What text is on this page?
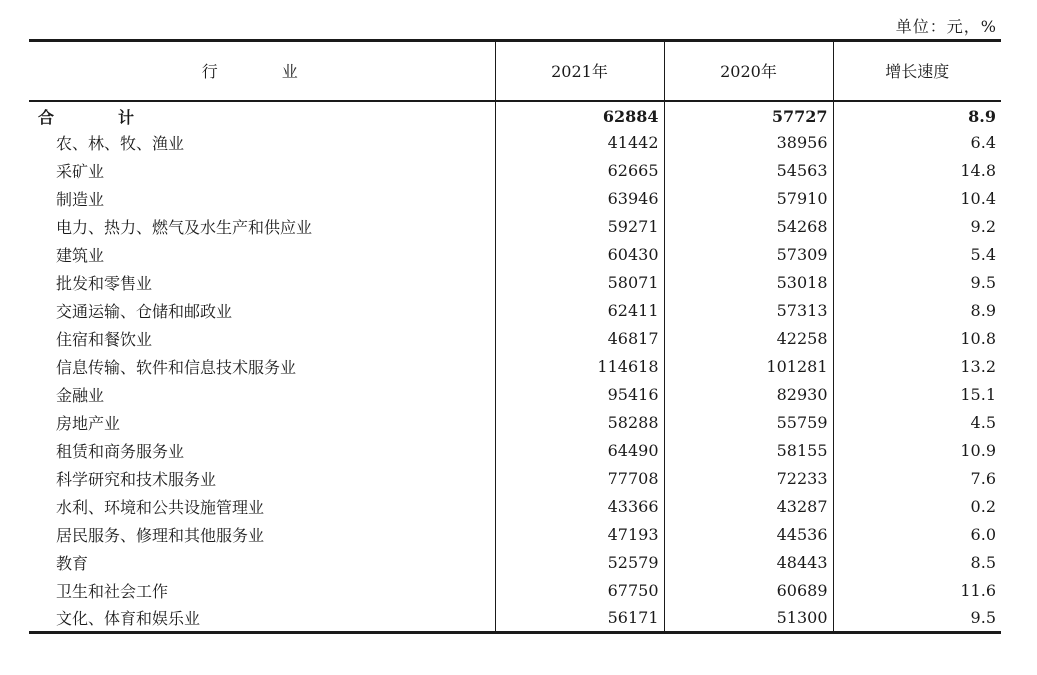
单位：元，%
行　业	2021年	2020年	增长速度
合　计	62884	57727	8.9
农、林、牧、渔业	41442	38956	6.4
采矿业	62665	54563	14.8
制造业	63946	57910	10.4
电力、热力、燃气及水生产和供应业	59271	54268	9.2
建筑业	60430	57309	5.4
批发和零售业	58071	53018	9.5
交通运输、仓储和邮政业	62411	57313	8.9
住宿和餐饮业	46817	42258	10.8
信息传输、软件和信息技术服务业	114618	101281	13.2
金融业	95416	82930	15.1
房地产业	58288	55759	4.5
租赁和商务服务业	64490	58155	10.9
科学研究和技术服务业	77708	72233	7.6
水利、环境和公共设施管理业	43366	43287	0.2
居民服务、修理和其他服务业	47193	44536	6.0
教育	52579	48443	8.5
卫生和社会工作	67750	60689	11.6
文化、体育和娱乐业	56171	51300	9.5
